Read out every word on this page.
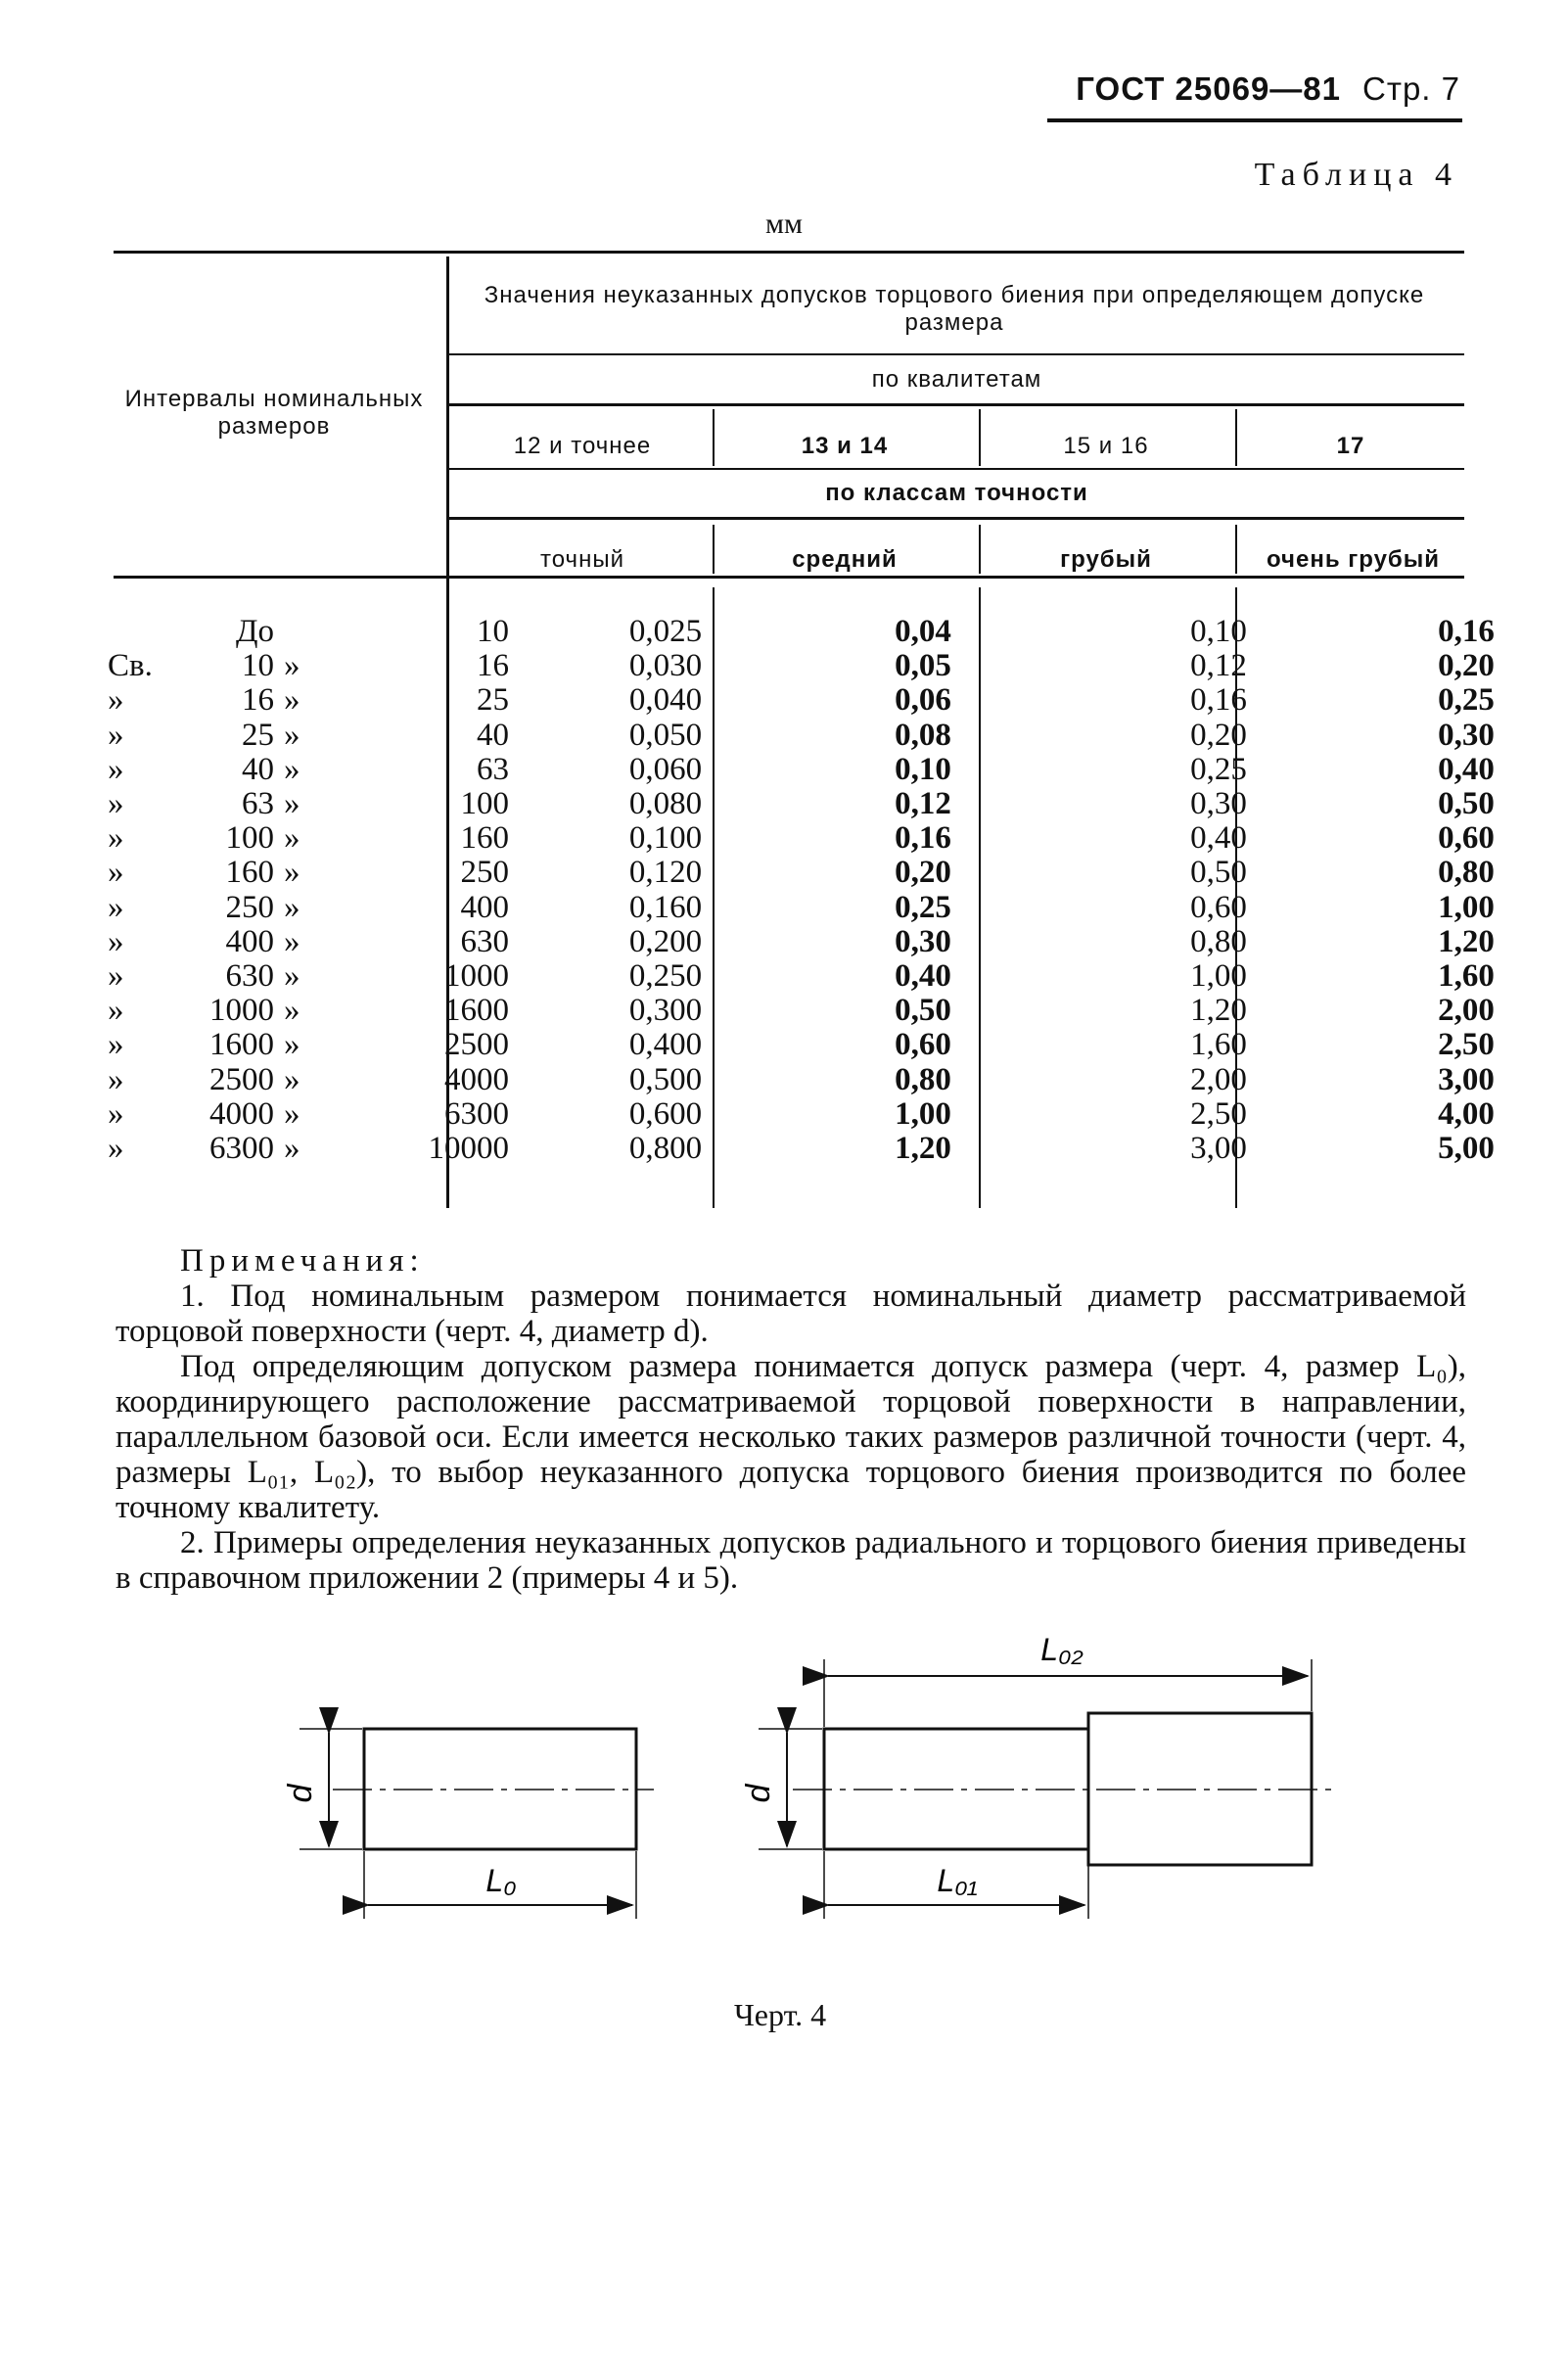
ГОСТ 25069—81 Стр. 7
Таблица 4
мм
Интервалы номинальных размеров
Значения неуказанных допусков торцового биения при определяющем допуске размера
по квалитетам
12 и точнее	13 и 14	15 и 16	17
по классам точности
точный	средний	грубый	очень грубый
До	10	0,025	0,04	0,10	0,16
Св.	10 »	16	0,030	0,05	0,12	0,20
»	16 »	25	0,040	0,06	0,16	0,25
»	25 »	40	0,050	0,08	0,20	0,30
»	40 »	63	0,060	0,10	0,25	0,40
»	63 »	100	0,080	0,12	0,30	0,50
»	100 »	160	0,100	0,16	0,40	0,60
»	160 »	250	0,120	0,20	0,50	0,80
»	250 »	400	0,160	0,25	0,60	1,00
»	400 »	630	0,200	0,30	0,80	1,20
»	630 »	1000	0,250	0,40	1,00	1,60
»	1000 »	1600	0,300	0,50	1,20	2,00
»	1600 »	2500	0,400	0,60	1,60	2,50
»	2500 »	4000	0,500	0,80	2,00	3,00
»	4000 »	6300	0,600	1,00	2,50	4,00
»	6300 »	10000	0,800	1,20	3,00	5,00

Примечания:

1. Под номинальным размером понимается номинальный диаметр рассматриваемой торцовой поверхности (черт. 4, диаметр d).

Под определяющим допуском размера понимается допуск размера (черт. 4, размер L₀), координирующего расположение рассматриваемой торцовой поверхности в направлении, параллельном базовой оси. Если имеется несколько таких размеров различной точности (черт. 4, размеры L₀₁, L₀₂), то выбор неуказанного допуска торцового биения производится по более точному квалитету.

2. Примеры определения неуказанных допусков радиального и торцового биения приведены в справочном приложении 2 (примеры 4 и 5).

d
L₀
d
L₀₂
L₀₁
Черт. 4
